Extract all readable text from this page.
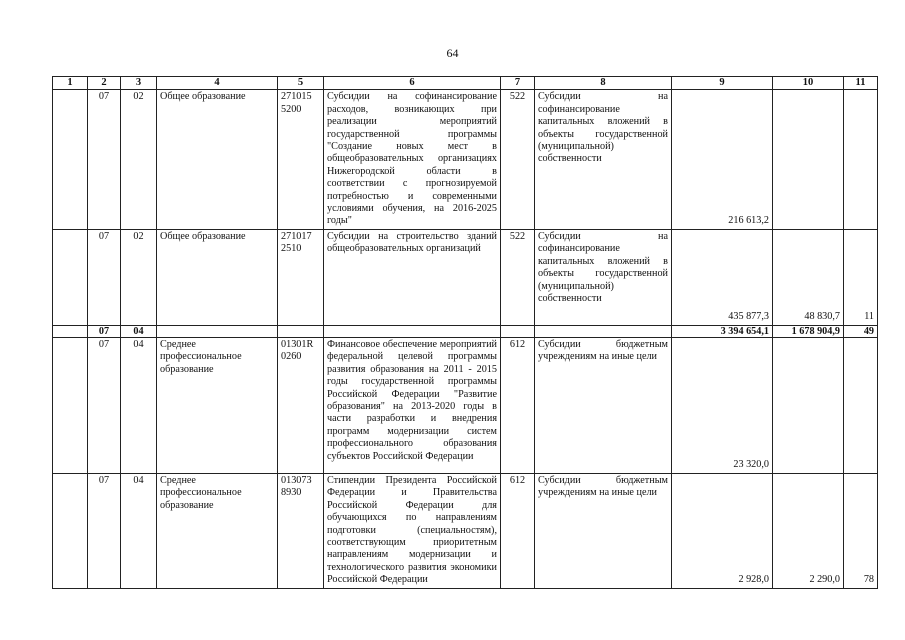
64
1	2	3	4	5	6	7	8	9	10	11
	07	02	Общее образование	271015 5200	Субсидии на софинансирование расходов, возникающих при реализации мероприятий государственной программы "Создание новых мест в общеобразовательных организациях Нижегородской области в соответствии с прогнозируемой потребностью и современными условиями обучения, на 2016-2025 годы"	522	Субсидии на софинансирование капитальных вложений в объекты государственной (муниципальной) собственности	216 613,2		
	07	02	Общее образование	271017 2510	Субсидии на строительство зданий общеобразовательных организаций	522	Субсидии на софинансирование капитальных вложений в объекты государственной (муниципальной) собственности	435 877,3	48 830,7	11
	07	04						3 394 654,1	1 678 904,9	49
	07	04	Среднее профессиональное образование	01301R 0260	Финансовое обеспечение мероприятий федеральной целевой программы развития образования на 2011 - 2015 годы государственной программы Российской Федерации "Развитие образования" на 2013-2020 годы в части разработки и внедрения программ модернизации систем профессионального образования субъектов Российской Федерации	612	Субсидии бюджетным учреждениям на иные цели	23 320,0		
	07	04	Среднее профессиональное образование	013073 8930	Стипендии Президента Российской Федерации и Правительства Российской Федерации для обучающихся по направлениям подготовки (специальностям), соответствующим приоритетным направлениям модернизации и технологического развития экономики Российской Федерации	612	Субсидии бюджетным учреждениям на иные цели	2 928,0	2 290,0	78
